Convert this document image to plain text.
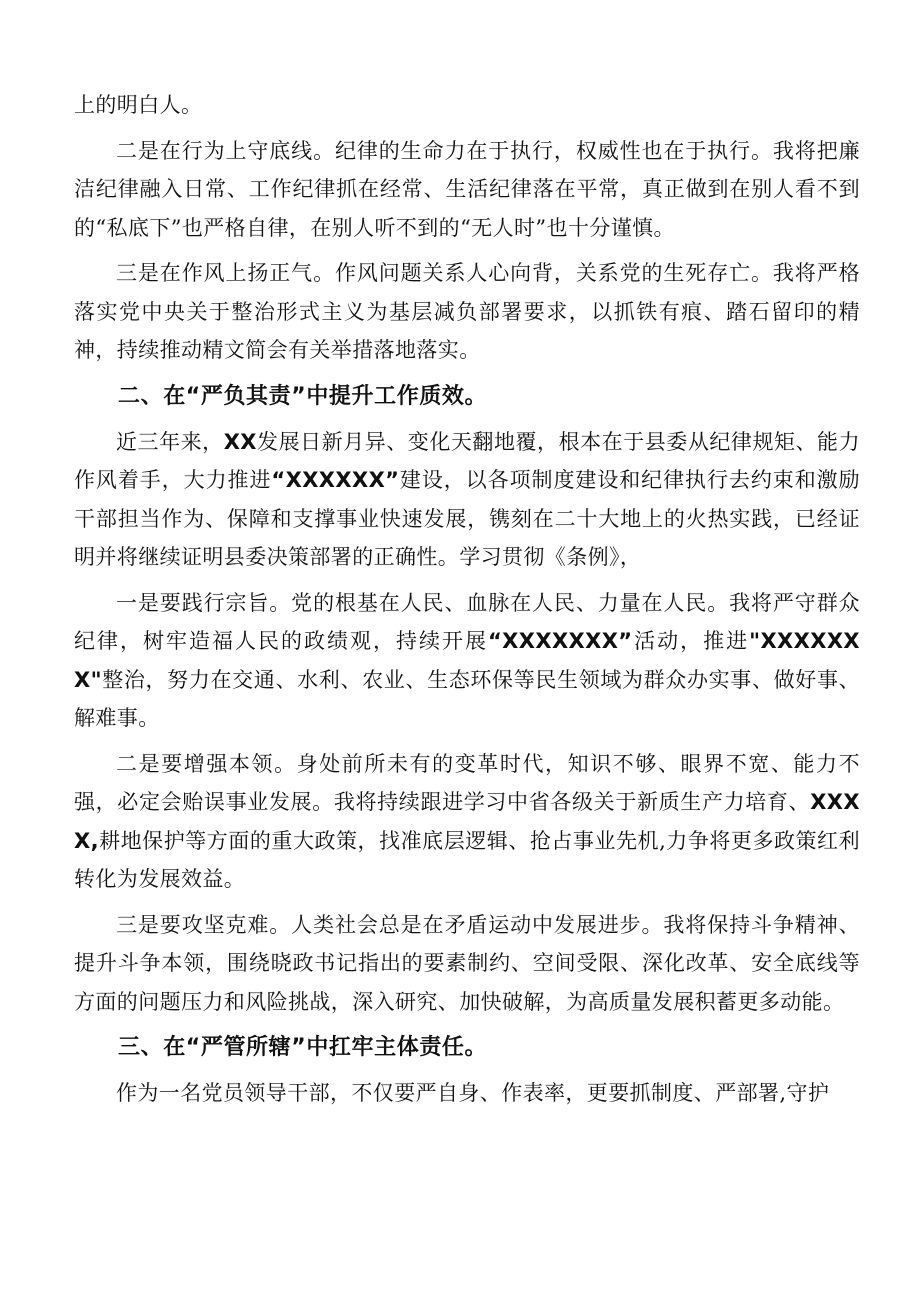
上的明白人。

二是在行为上守底线。纪律的生命力在于执行，权威性也在于执行。我将把廉洁纪律融入日常、工作纪律抓在经常、生活纪律落在平常，真正做到在别人看不到的“私底下”也严格自律，在别人听不到的“无人时”也十分谨慎。

三是在作风上扬正气。作风问题关系人心向背，关系党的生死存亡。我将严格落实党中央关于整治形式主义为基层减负部署要求，以抓铁有痕、踏石留印的精神，持续推动精文简会有关举措落地落实。

二、在“严负其责”中提升工作质效。

近三年来，XX发展日新月异、变化天翻地覆，根本在于县委从纪律规矩、能力作风着手，大力推进“XXXXXX”建设，以各项制度建设和纪律执行去约束和激励干部担当作为、保障和支撑事业快速发展，镌刻在二十大地上的火热实践，已经证明并将继续证明县委决策部署的正确性。学习贯彻《条例》，

一是要践行宗旨。党的根基在人民、血脉在人民、力量在人民。我将严守群众纪律，树牢造福人民的政绩观，持续开展“XXXXXXX”活动，推进"XXXXXXX"整治，努力在交通、水利、农业、生态环保等民生领域为群众办实事、做好事、解难事。

二是要增强本领。身处前所未有的变革时代，知识不够、眼界不宽、能力不强，必定会贻误事业发展。我将持续跟进学习中省各级关于新质生产力培育、XXXX,耕地保护等方面的重大政策，找准底层逻辑、抢占事业先机,力争将更多政策红利转化为发展效益。

三是要攻坚克难。人类社会总是在矛盾运动中发展进步。我将保持斗争精神、提升斗争本领，围绕晓政书记指出的要素制约、空间受限、深化改革、安全底线等方面的问题压力和风险挑战，深入研究、加快破解，为高质量发展积蓄更多动能。

三、在“严管所辖”中扛牢主体责任。

作为一名党员领导干部，不仅要严自身、作表率，更要抓制度、严部署,守护
